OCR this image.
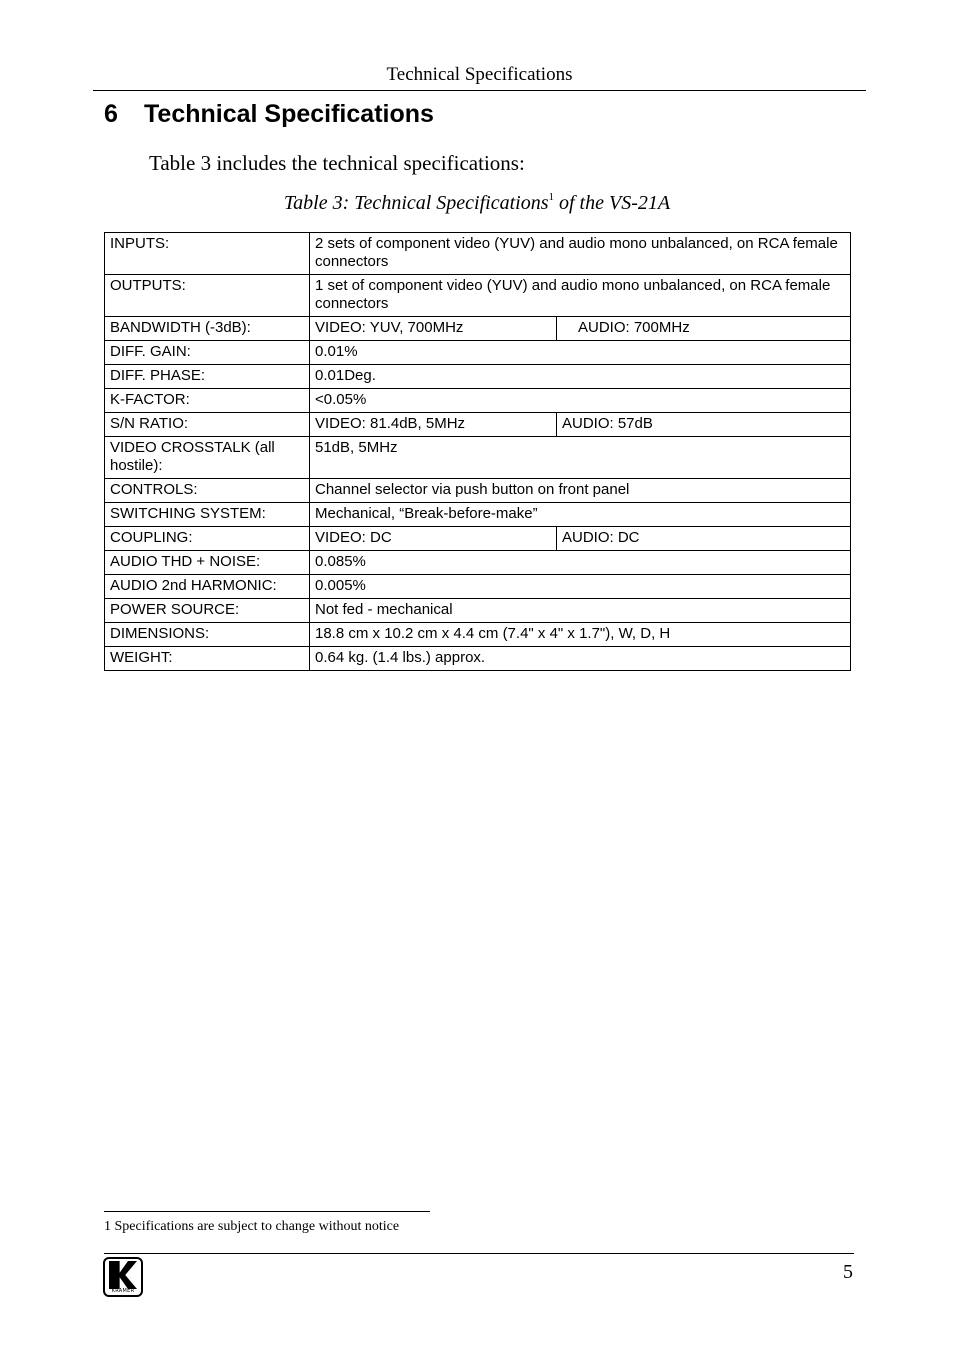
Technical Specifications
6 Technical Specifications

Table 3 includes the technical specifications:

Table 3: Technical Specifications$^1$ of the VS-21A

INPUTS:	2 sets of component video (YUV) and audio mono unbalanced, on RCA female connectors	
OUTPUTS:	1 set of component video (YUV) and audio mono unbalanced, on RCA female connectors	
BANDWIDTH (-3dB):	VIDEO: YUV, 700MHz	AUDIO: 700MHz
DIFF. GAIN:	0.01%	
DIFF. PHASE:	0.01Deg.	
K-FACTOR:	<0.05%	
S/N RATIO:	VIDEO: 81.4dB, 5MHz	AUDIO: 57dB
VIDEO CROSSTALK (all hostile):	51dB, 5MHz	
CONTROLS:	Channel selector via push button on front panel	
SWITCHING SYSTEM:	Mechanical, “Break-before-make”	
COUPLING:	VIDEO: DC	AUDIO: DC
AUDIO THD + NOISE:	0.085%	
AUDIO 2nd HARMONIC:	0.005%	
POWER SOURCE:	Not fed - mechanical	
DIMENSIONS:	18.8 cm x 10.2 cm x 4.4 cm (7.4" x 4" x 1.7"), W, D, H	
WEIGHT:	0.64 kg. (1.4 lbs.) approx.	

1 Specifications are subject to change without notice

KRAMER
5
